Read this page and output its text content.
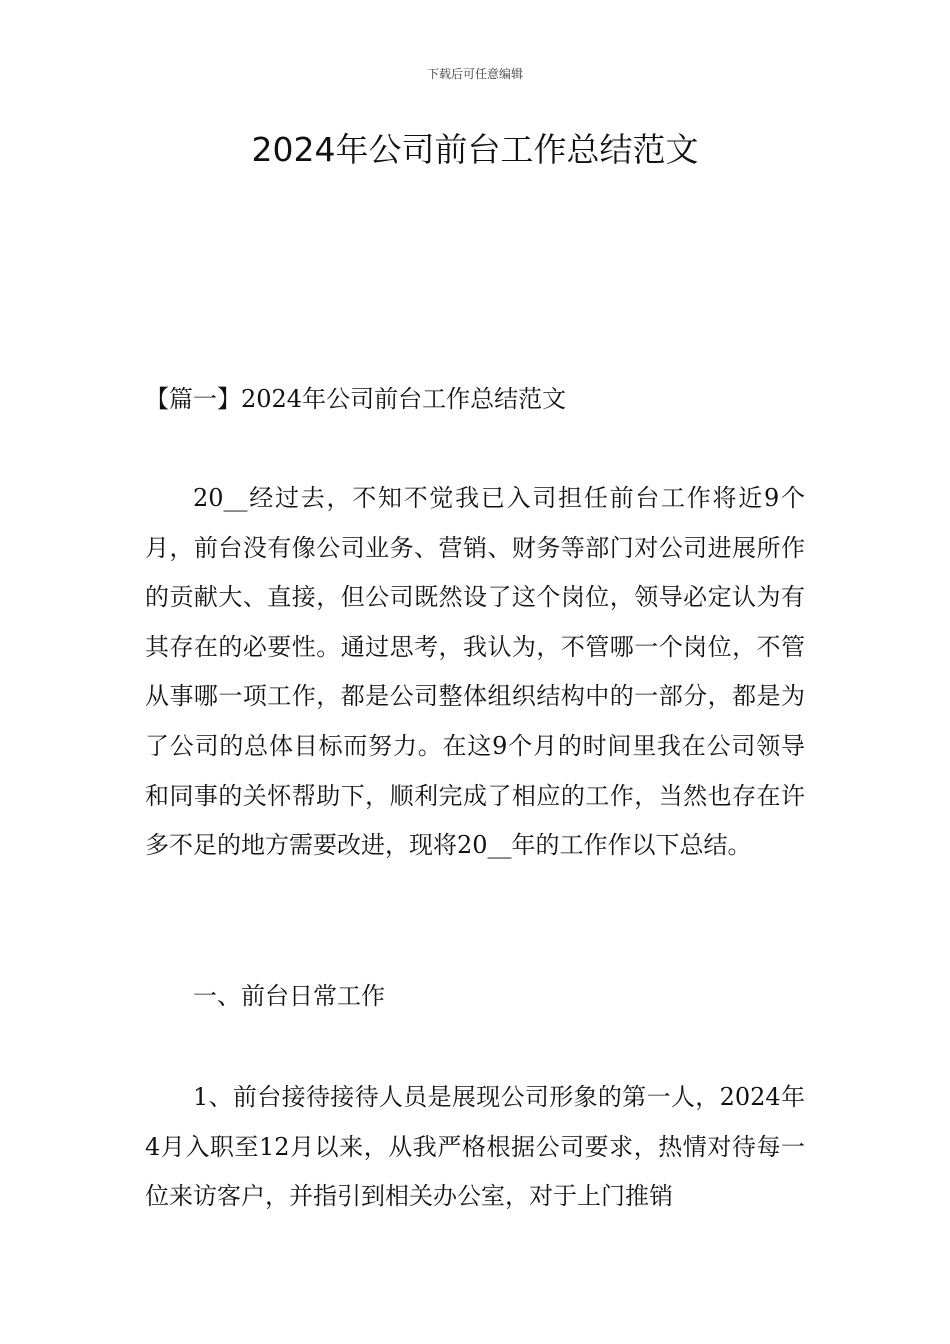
下载后可任意编辑
2024年公司前台工作总结范文
【篇一】2024年公司前台工作总结范文

20__经过去，不知不觉我已入司担任前台工作将近9个月，前台没有像公司业务、营销、财务等部门对公司进展所作的贡献大、直接，但公司既然设了这个岗位，领导必定认为有其存在的必要性。通过思考，我认为，不管哪一个岗位，不管从事哪一项工作，都是公司整体组织结构中的一部分，都是为了公司的总体目标而努力。在这9个月的时间里我在公司领导和同事的关怀帮助下，顺利完成了相应的工作，当然也存在许多不足的地方需要改进，现将20__年的工作作以下总结。

一、前台日常工作

1、前台接待接待人员是展现公司形象的第一人，2024年4月入职至12月以来，从我严格根据公司要求，热情对待每一位来访客户，并指引到相关办公室，对于上门推销
